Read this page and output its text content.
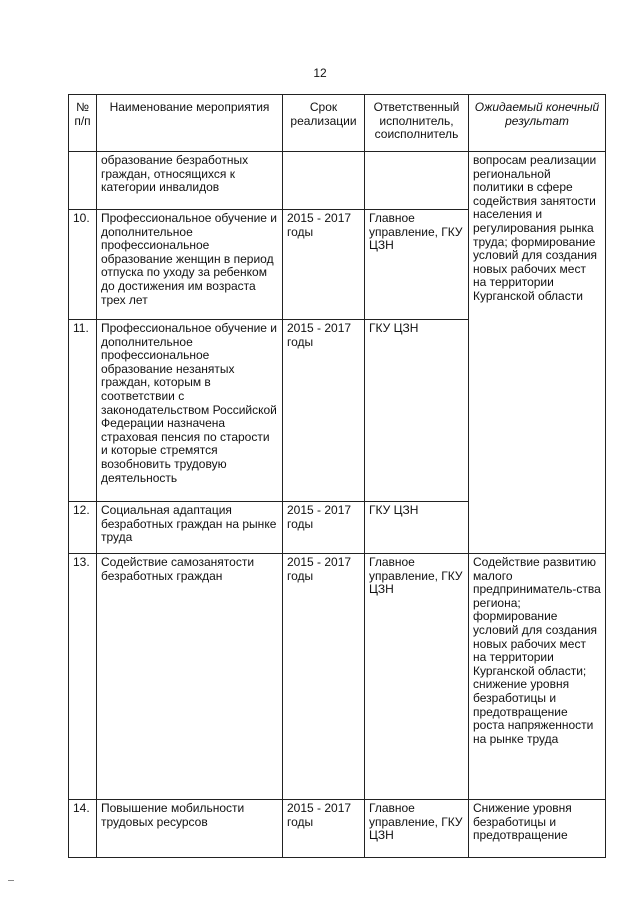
12
№ п/п	Наименование мероприятия	Срок реализации	Ответственный исполнитель, соисполнитель	Ожидаемый конечный результат
	образование безработных граждан, относящихся к категории инвалидов			вопросам реализации региональной политики в сфере содействия занятости населения и регулирования рынка труда; формирование условий для создания новых рабочих мест на территории Курганской области
10.	Профессиональное обучение и дополнительное профессиональное образование женщин в период отпуска по уходу за ребенком до достижения им возраста трех лет	2015 - 2017 годы	Главное управление, ГКУ ЦЗН	
11.	Профессиональное обучение и дополнительное профессиональное образование незанятых граждан, которым в соответствии с законодательством Российской Федерации назначена страховая пенсия по старости и которые стремятся возобновить трудовую деятельность	2015 - 2017 годы	ГКУ ЦЗН	
12.	Социальная адаптация безработных граждан на рынке труда	2015 - 2017 годы	ГКУ ЦЗН	
13.	Содействие самозанятости безработных граждан	2015 - 2017 годы	Главное управление, ГКУ ЦЗН	Содействие развитию малого предприниматель-ства региона; формирование условий для создания новых рабочих мест на территории Курганской области; снижение уровня безработицы и предотвращение роста напряженности на рынке труда
14.	Повышение мобильности трудовых ресурсов	2015 - 2017 годы	Главное управление, ГКУ ЦЗН	Снижение уровня безработицы и предотвращение
